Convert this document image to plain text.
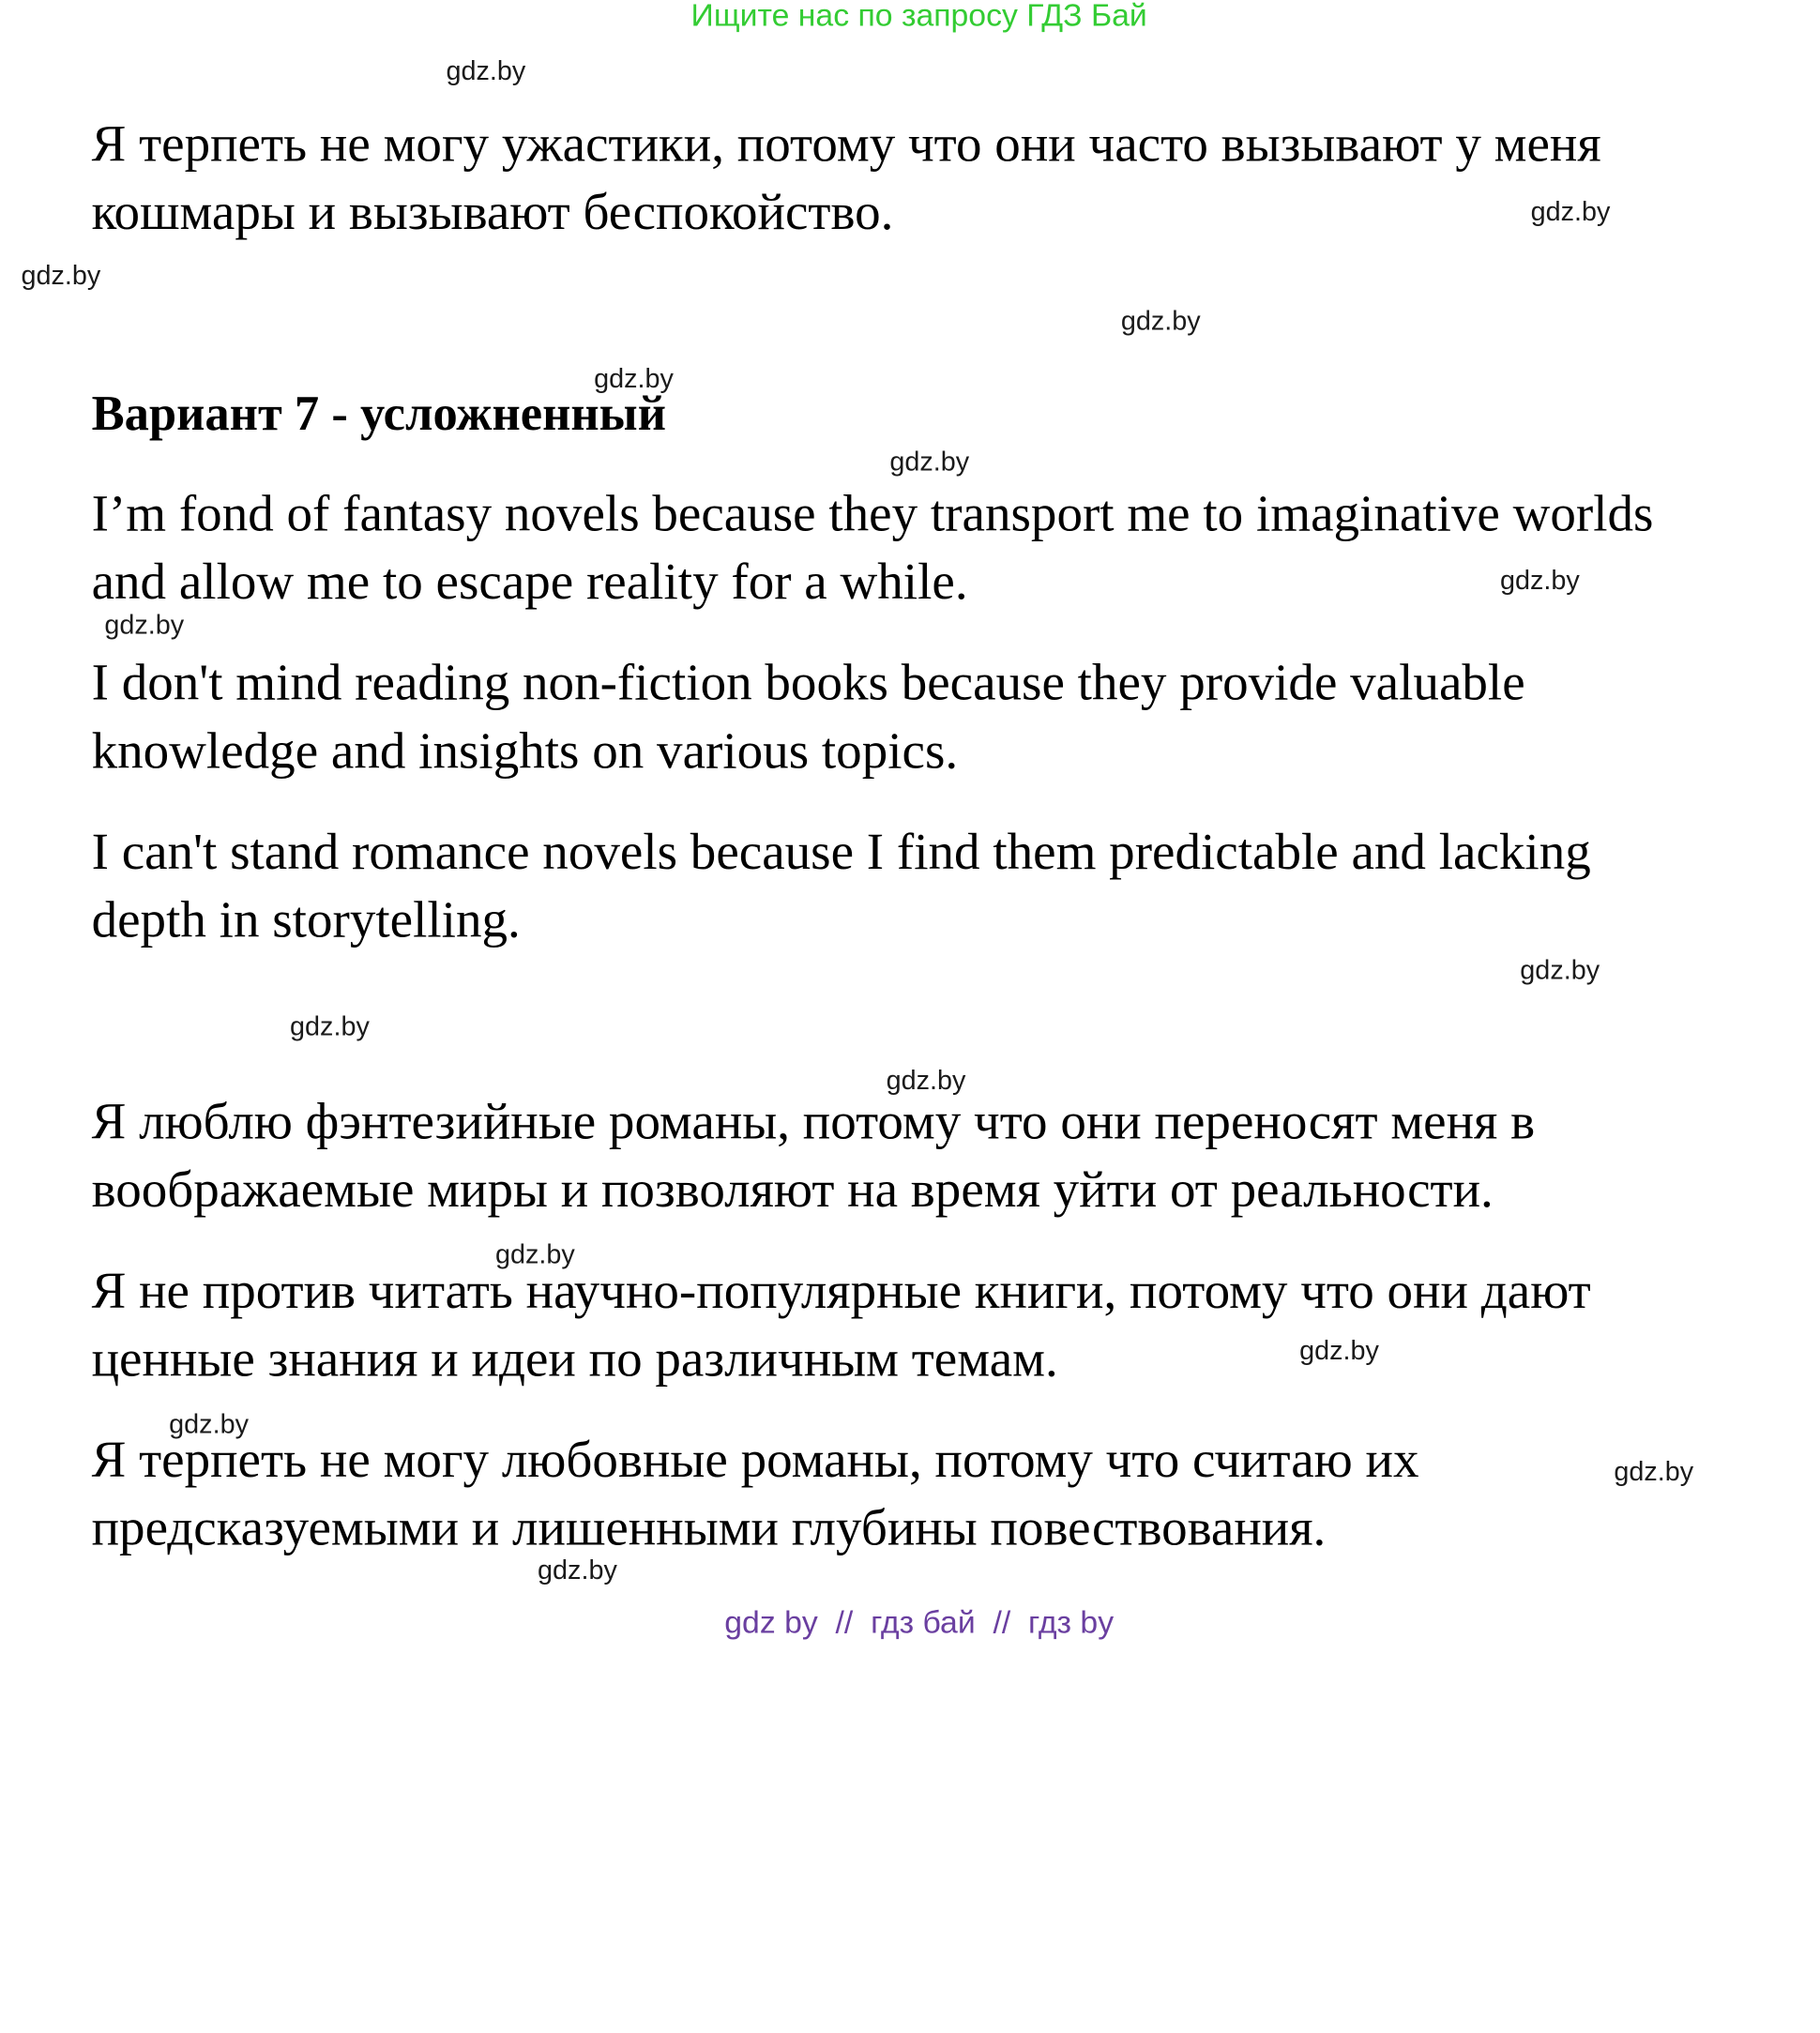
Ищите нас по запросу ГДЗ Бай
gdz.by
gdz.by
gdz.by
gdz.by
gdz.by
gdz.by
gdz.by
gdz.by
gdz.by
gdz.by
gdz.by
gdz.by
gdz.by
gdz.by
gdz.by
gdz.by
Я терпеть не могу ужастики, потому что они часто вызывают у меня
кошмары и вызывают беспокойство.
Вариант 7 - усложненный
I’m fond of fantasy novels because they transport me to imaginative worlds
and allow me to escape reality for a while.
I don't mind reading non-fiction books because they provide valuable
knowledge and insights on various topics.
I can't stand romance novels because I find them predictable and lacking
depth in storytelling.
Я люблю фэнтезийные романы, потому что они переносят меня в
воображаемые миры и позволяют на время уйти от реальности.
Я не против читать научно-популярные книги, потому что они дают
ценные знания и идеи по различным темам.
Я терпеть не могу любовные романы, потому что считаю их
предсказуемыми и лишенными глубины повествования.
gdz by  //  гдз бай  //  гдз by
